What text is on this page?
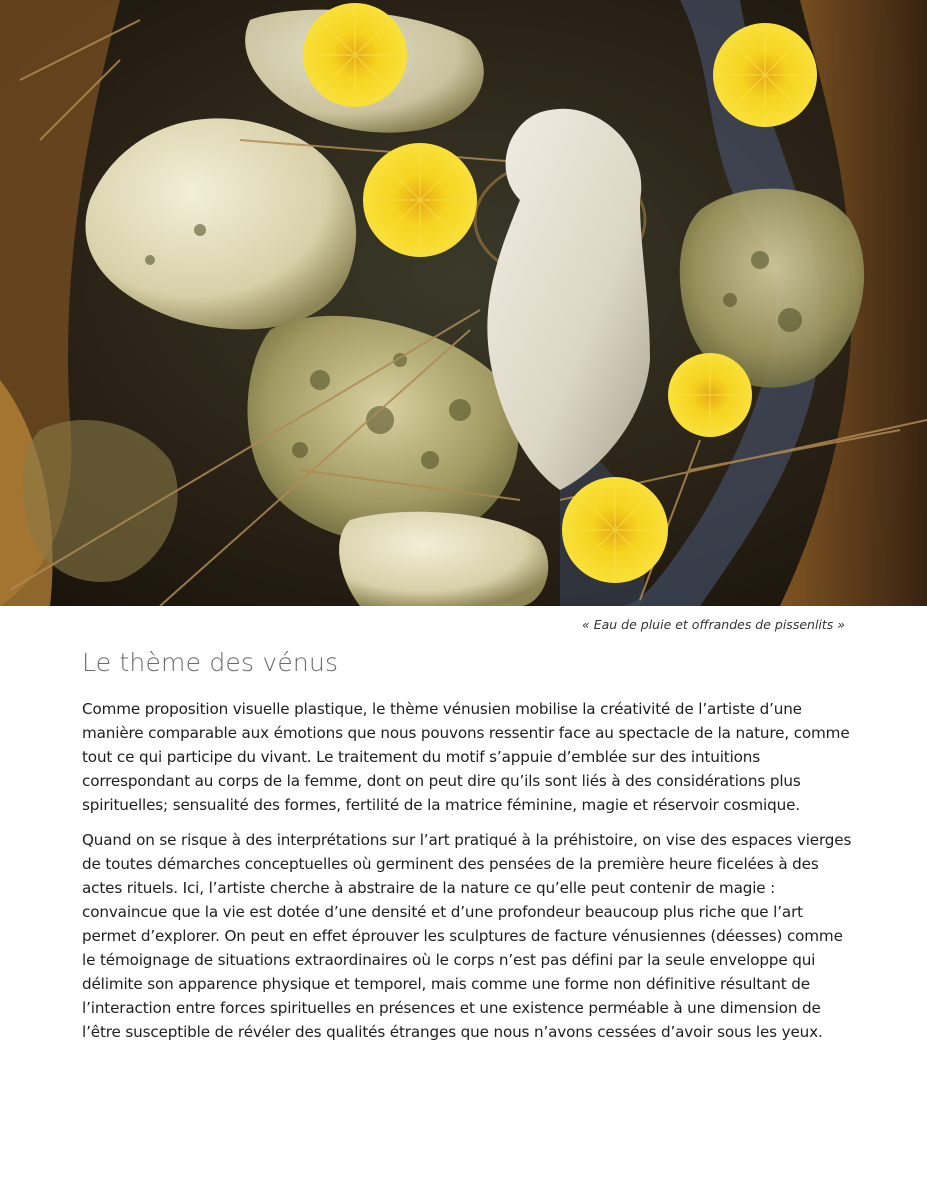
« Eau de pluie et offrandes de pissenlits »
Le thème des vénus

Comme proposition visuelle plastique, le thème vénusien mobilise la créativité de l’artiste d’une manière comparable aux émotions que nous pouvons ressentir face au spectacle de la nature, comme tout ce qui participe du vivant. Le traitement du motif s’appuie d’emblée sur des intuitions correspondant au corps de la femme, dont on peut dire qu’ils sont liés à des considérations plus spirituelles; sensualité des formes, fertilité de la matrice féminine, magie et réservoir cosmique.

Quand on se risque à des interprétations sur l’art pratiqué à la préhistoire, on vise des espaces vierges de toutes démarches conceptuelles où germinent des pensées de la première heure ficelées à des actes rituels. Ici, l’artiste cherche à abstraire de la nature ce qu’elle peut contenir de magie : convaincue que la vie est dotée d’une densité et d’une profondeur beaucoup plus riche que l’art permet d’explorer. On peut en effet éprouver les sculptures de facture vénusiennes (déesses) comme le témoignage de situations extraordinaires où le corps n’est pas défini par la seule enveloppe qui délimite son apparence physique et temporel, mais comme une forme non définitive résultant de l’interaction entre forces spirituelles en présences et une existence perméable à une dimension de l’être susceptible de révéler des qualités étranges que nous n’avons cessées d’avoir sous les yeux.
